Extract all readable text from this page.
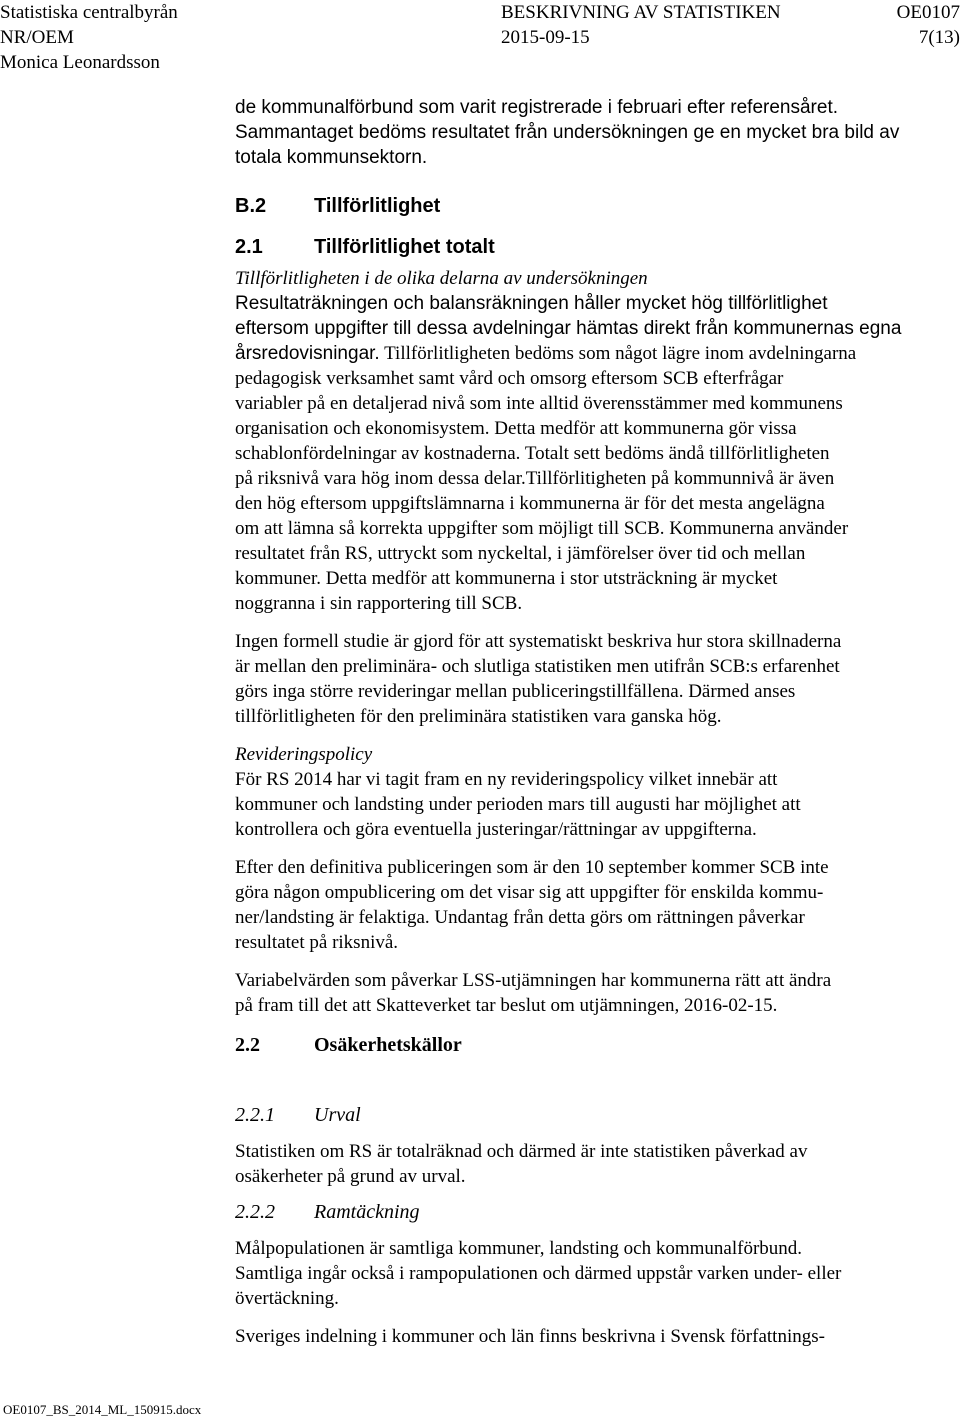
Statistiska centralbyrån	BESKRIVNING AV STATISTIKEN	OE0107
NR/OEM	2015-09-15	7(13)
Monica Leonardsson

de kommunalförbund som varit registrerade i februari efter referensåret.
Sammantaget bedöms resultatet från undersökningen ge en mycket bra bild av
totala kommunsektorn.

B.2	Tillförlitlighet
2.1	Tillförlitlighet totalt

Tillförlitligheten i de olika delarna av undersökningen

Resultaträkningen och balansräkningen håller mycket hög tillförlitlighet
eftersom uppgifter till dessa avdelningar hämtas direkt från kommunernas egna
årsredovisningar. Tillförlitligheten bedöms som något lägre inom avdelningarna
pedagogisk verksamhet samt vård och omsorg eftersom SCB efterfrågar
variabler på en detaljerad nivå som inte alltid överensstämmer med kommunens
organisation och ekonomisystem. Detta medför att kommunerna gör vissa
schablonfördelningar av kostnaderna. Totalt sett bedöms ändå tillförlitligheten
på riksnivå vara hög inom dessa delar.Tillförlitigheten på kommunnivå är även
den hög eftersom uppgiftslämnarna i kommunerna är för det mesta angelägna
om att lämna så korrekta uppgifter som möjligt till SCB. Kommunerna använder
resultatet från RS, uttryckt som nyckeltal, i jämförelser över tid och mellan
kommuner. Detta medför att kommunerna i stor utsträckning är mycket
noggranna i sin rapportering till SCB.

Ingen formell studie är gjord för att systematiskt beskriva hur stora skillnaderna
är mellan den preliminära- och slutliga statistiken men utifrån SCB:s erfarenhet
görs inga större revideringar mellan publiceringstillfällena. Därmed anses
tillförlitligheten för den preliminära statistiken vara ganska hög.

Revideringspolicy

För RS 2014 har vi tagit fram en ny revideringspolicy vilket innebär att
kommuner och landsting under perioden mars till augusti har möjlighet att
kontrollera och göra eventuella justeringar/rättningar av uppgifterna.

Efter den definitiva publiceringen som är den 10 september kommer SCB inte
göra någon ompublicering om det visar sig att uppgifter för enskilda kommu-
ner/landsting är felaktiga. Undantag från detta görs om rättningen påverkar
resultatet på riksnivå.

Variabelvärden som påverkar LSS-utjämningen har kommunerna rätt att ändra
på fram till det att Skatteverket tar beslut om utjämningen, 2016-02-15.

2.2	Osäkerhetskällor
2.2.1	Urval

Statistiken om RS är totalräknad och därmed är inte statistiken påverkad av
osäkerheter på grund av urval.

2.2.2	Ramtäckning

Målpopulationen är samtliga kommuner, landsting och kommunalförbund.
Samtliga ingår också i rampopulationen och därmed uppstår varken under- eller
övertäckning.

Sveriges indelning i kommuner och län finns beskrivna i Svensk författnings-

OE0107_BS_2014_ML_150915.docx
